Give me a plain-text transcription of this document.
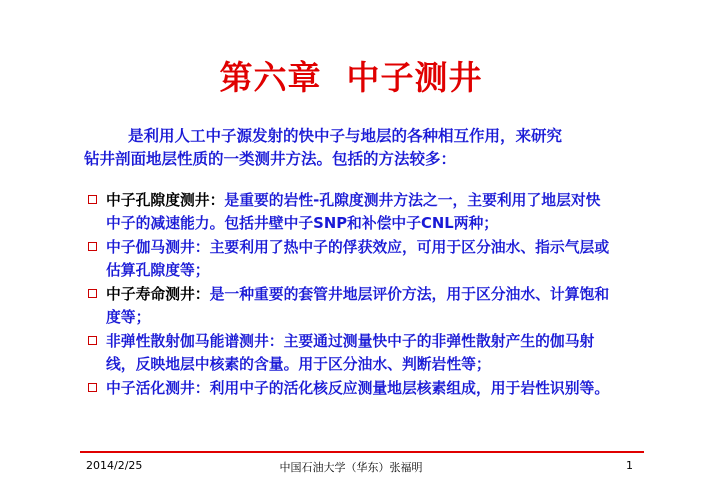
第六章  中子测井
是利用人工中子源发射的快中子与地层的各种相互作用，来研究
钻井剖面地层性质的一类测井方法。包括的方法较多：
中子孔隙度测井：是重要的岩性-孔隙度测井方法之一，主要利用了地层对快中子的减速能力。包括井壁中子SNP和补偿中子CNL两种；
中子伽马测井：主要利用了热中子的俘获效应，可用于区分油水、指示气层或估算孔隙度等；
中子寿命测井：是一种重要的套管井地层评价方法，用于区分油水、计算饱和度等；
非弹性散射伽马能谱测井：主要通过测量快中子的非弹性散射产生的伽马射线，反映地层中核素的含量。用于区分油水、判断岩性等；
中子活化测井：利用中子的活化核反应测量地层核素组成，用于岩性识别等。
2014/2/25	中国石油大学（华东）张福明	1
